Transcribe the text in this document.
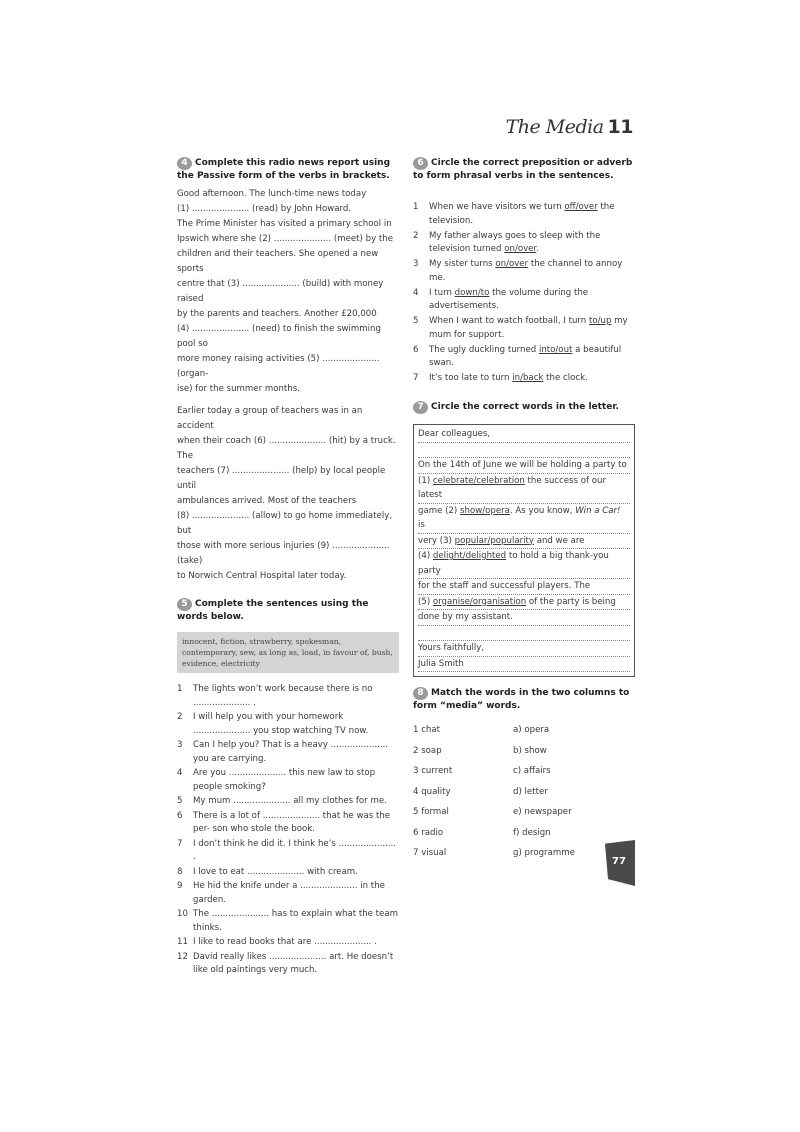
The Media 11
4 Complete this radio news report using the Passive form of the verbs in brackets.

Good afternoon. The lunch-time news today

(1) ..................... (read) by John Howard.

The Prime Minister has visited a primary school in

Ipswich where she (2) ..................... (meet) by the

children and their teachers. She opened a new sports

centre that (3) ..................... (build) with money raised

by the parents and teachers. Another £20,000

(4) ..................... (need) to finish the swimming pool so

more money raising activities (5) ..................... (organ-

ise) for the summer months.

Earlier today a group of teachers was in an accident

when their coach (6) ..................... (hit) by a truck. The

teachers (7) ..................... (help) by local people until

ambulances arrived. Most of the teachers

(8) ..................... (allow) to go home immediately, but

those with more serious injuries (9) ..................... (take)

to Norwich Central Hospital later today.

5 Complete the sentences using the words below.
innocent, fiction, strawberry, spokesman, contemporary, sew, as long as, load, in favour of, bush, evidence, electricity
1 The lights won’t work because there is no ..................... .
2 I will help you with your homework ..................... you stop watching TV now.
3 Can I help you? That is a heavy ..................... you are carrying.
4 Are you ..................... this new law to stop people smoking?
5 My mum ..................... all my clothes for me.
6 There is a lot of ..................... that he was the per- son who stole the book.
7 I don’t think he did it. I think he’s ..................... .
8 I love to eat ..................... with cream.
9 He hid the knife under a ..................... in the garden.
10 The ..................... has to explain what the team thinks.
11 I like to read books that are ..................... .
12 David really likes ..................... art. He doesn’t like old paintings very much.
6 Circle the correct preposition or adverb to form phrasal verbs in the sentences.
1 When we have visitors we turn off/over the television.
2 My father always goes to sleep with the television turned on/over.
3 My sister turns on/over the channel to annoy me.
4 I turn down/to the volume during the advertisements.
5 When I want to watch football, I turn to/up my mum for support.
6 The ugly duckling turned into/out a beautiful swan.
7 It’s too late to turn in/back the clock.
7 Circle the correct words in the letter.
Dear colleagues,
On the 14th of June we will be holding a party to
(1) celebrate/celebration the success of our latest
game (2) show/opera. As you know, Win a Car! is
very (3) popular/popularity and we are
(4) delight/delighted to hold a big thank-you party
for the staff and successful players. The
(5) organise/organisation of the party is being
done by my assistant.
Yours faithfully,
Julia Smith
8 Match the words in the two columns to form “media” words.
1 chat	a) opera
2 soap	b) show
3 current	c) affairs
4 quality	d) letter
5 formal	e) newspaper
6 radio	f) design
7 visual	g) programme
77
